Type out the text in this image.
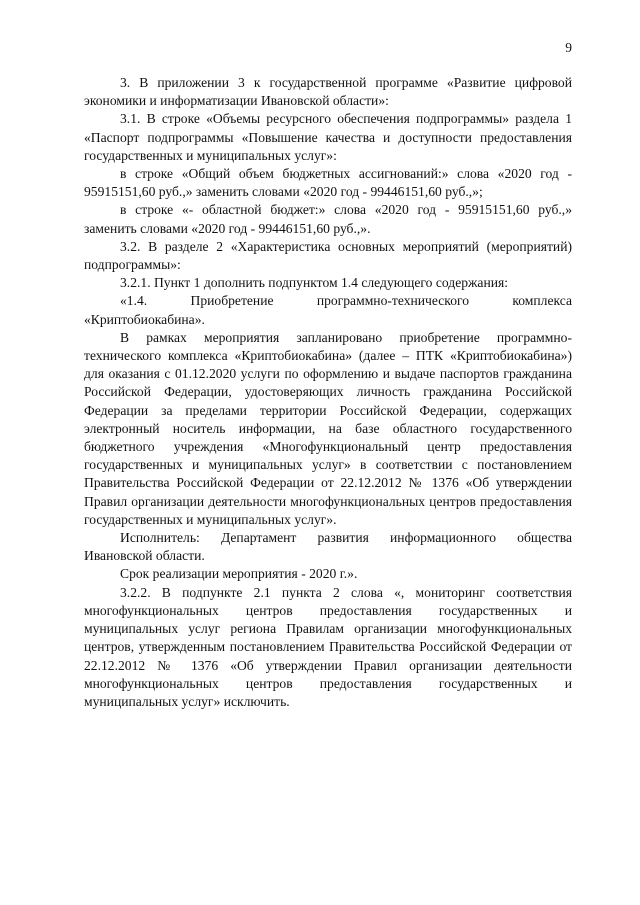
9

3. В приложении 3 к государственной программе «Развитие цифровой экономики и информатизации Ивановской области»:

3.1. В строке «Объемы ресурсного обеспечения подпрограммы» раздела 1 «Паспорт подпрограммы «Повышение качества и доступности предоставления государственных и муниципальных услуг»:

в строке «Общий объем бюджетных ассигнований:» слова «2020 год - 95915151,60 руб.,» заменить словами «2020 год - 99446151,60 руб.,»;

в строке «- областной бюджет:» слова «2020 год - 95915151,60 руб.,» заменить словами «2020 год - 99446151,60 руб.,».

3.2. В разделе 2 «Характеристика основных мероприятий (мероприятий) подпрограммы»:

3.2.1. Пункт 1 дополнить подпунктом 1.4 следующего содержания:

«1.4. Приобретение программно-технического комплекса «Криптобиокабина».

В рамках мероприятия запланировано приобретение программно-технического комплекса «Криптобиокабина» (далее – ПТК «Криптобиокабина») для оказания с 01.12.2020 услуги по оформлению и выдаче паспортов гражданина Российской Федерации, удостоверяющих личность гражданина Российской Федерации за пределами территории Российской Федерации, содержащих электронный носитель информации, на базе областного государственного бюджетного учреждения «Многофункциональный центр предоставления государственных и муниципальных услуг» в соответствии с постановлением Правительства Российской Федерации от 22.12.2012 № 1376 «Об утверждении Правил организации деятельности многофункциональных центров предоставления государственных и муниципальных услуг».

Исполнитель: Департамент развития информационного общества Ивановской области.

Срок реализации мероприятия - 2020 г.».

3.2.2. В подпункте 2.1 пункта 2 слова «, мониторинг соответствия многофункциональных центров предоставления государственных и муниципальных услуг региона Правилам организации многофункциональных центров, утвержденным постановлением Правительства Российской Федерации от 22.12.2012 № 1376 «Об утверждении Правил организации деятельности многофункциональных центров предоставления государственных и муниципальных услуг» исключить.
